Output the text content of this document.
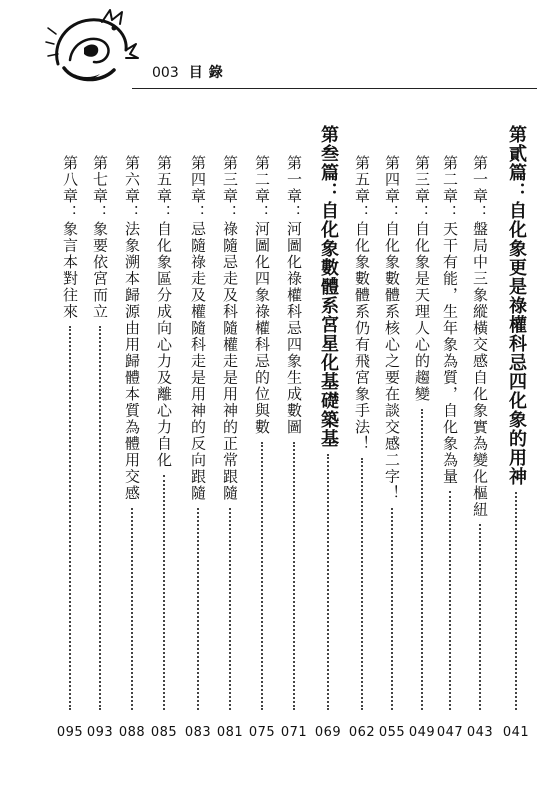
003 目錄
第貳篇：自化象更是祿權科忌四化象的用神
041
第一章：盤局中三象縱橫交感自化象實為變化樞紐
043
第二章：天干有能，生年象為質，自化象為量
047
第三章：自化象是天理人心的趨變
049
第四章：自化象數體系核心之要在談交感二字！
055
第五章：自化象數體系仍有飛宮象手法！
062
第叁篇：自化象數體系宮星化基礎築基
069
第一章：河圖化祿權科忌四象生成數圖
071
第二章：河圖化四象祿權科忌的位與數
075
第三章：祿隨忌走及科隨權走是用神的正常跟隨
081
第四章：忌隨祿走及權隨科走是用神的反向跟隨
083
第五章：自化象區分成向心力及離心力自化
085
第六章：法象溯本歸源由用歸體本質為體用交感
088
第七章：象要依宮而立
093
第八章：象言本對往來
095
